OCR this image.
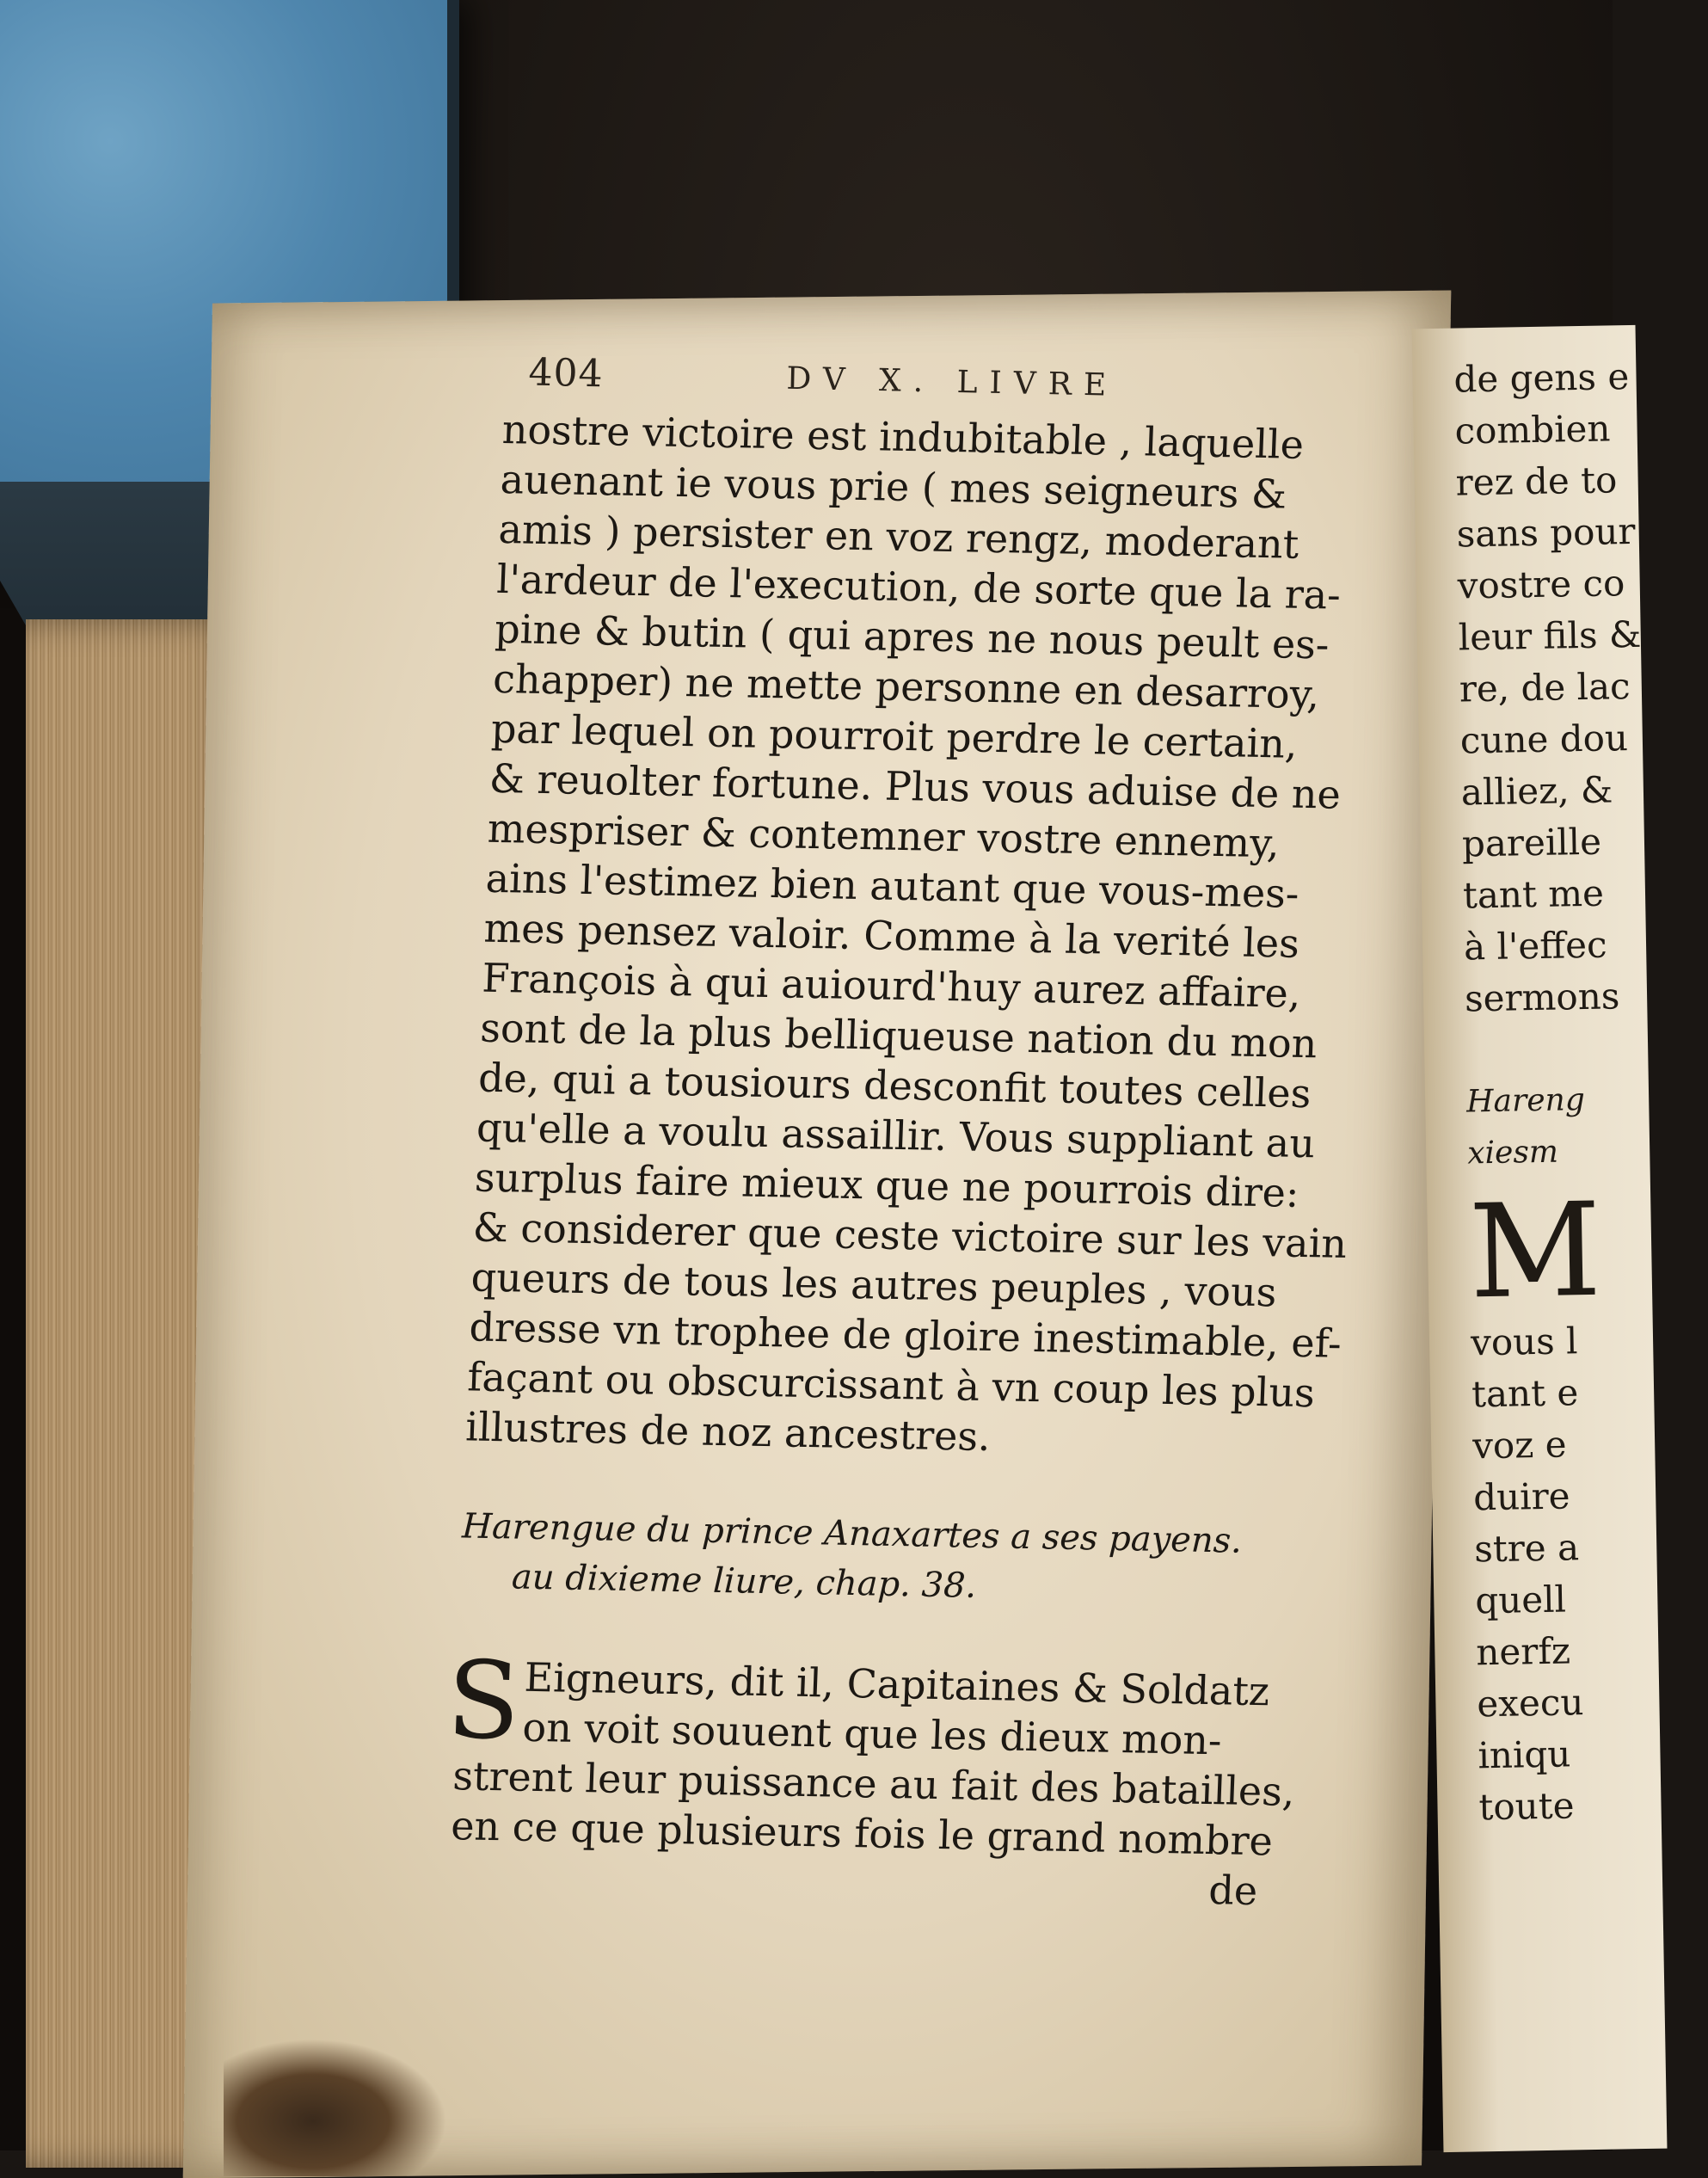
de gens e
combien
rez de to
sans pour
vostre co
leur fils &
re, de lac
cune dou
alliez, &
pareille
tant me
à l'effec
sermons
Hareng
xiesm
M
vous l
tant e
voz e
duire
stre a
quell
nerfz
execu
iniqu
toute
404	DV X. LIVRE
nostre victoire est indubitable , laquelle
auenant ie vous prie ( mes seigneurs &
amis ) persister en voz rengz, moderant
l'ardeur de l'execution, de sorte que la ra-
pine & butin ( qui apres ne nous peult es-
chapper) ne mette personne en desarroy,
par lequel on pourroit perdre le certain,
& reuolter fortune. Plus vous aduise de ne
mespriser & contemner vostre ennemy,
ains l'estimez bien autant que vous-mes-
mes pensez valoir. Comme à la verité les
François à qui auiourd'huy aurez affaire,
sont de la plus belliqueuse nation du mon
de, qui a tousiours desconfit toutes celles
qu'elle a voulu assaillir. Vous suppliant au
surplus faire mieux que ne pourrois dire:
& considerer que ceste victoire sur les vain
queurs de tous les autres peuples , vous
dresse vn trophee de gloire inestimable, ef-
façant ou obscurcissant à vn coup les plus
illustres de noz ancestres.
Harengue du prince Anaxartes a ses payens.
au dixieme liure, chap. 38.
S Eigneurs, dit il, Capitaines & Soldatz
on voit souuent que les dieux mon-
strent leur puissance au fait des batailles,
en ce que plusieurs fois le grand nombre
de
